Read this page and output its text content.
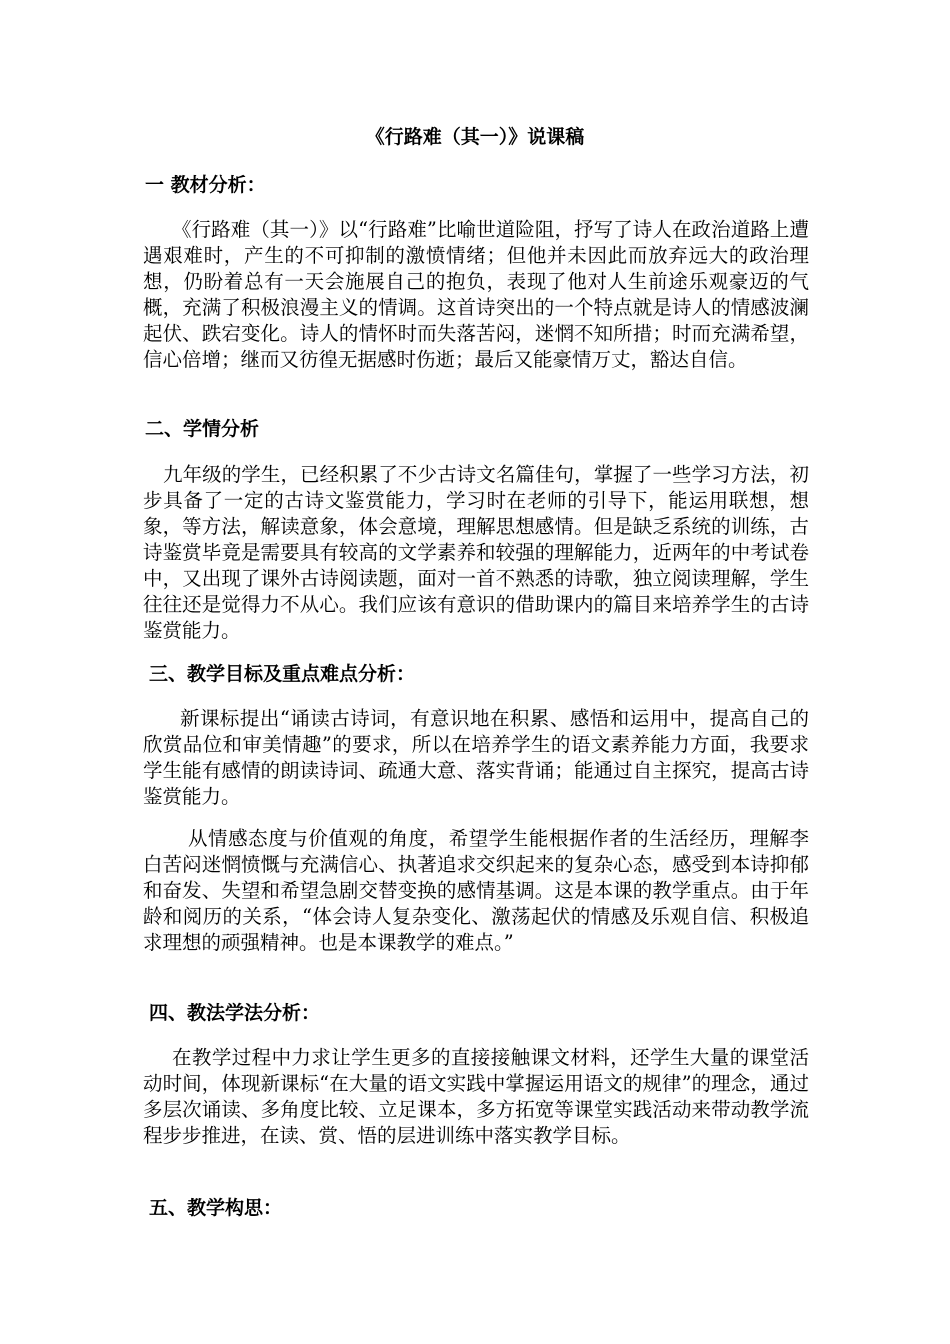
《行路难（其一）》说课稿
一 教材分析：

《行路难（其一）》以“行路难”比喻世道险阻，抒写了诗人在政治道路上遭遇艰难时，产生的不可抑制的激愤情绪；但他并未因此而放弃远大的政治理想，仍盼着总有一天会施展自己的抱负，表现了他对人生前途乐观豪迈的气概，充满了积极浪漫主义的情调。这首诗突出的一个特点就是诗人的情感波澜起伏、跌宕变化。诗人的情怀时而失落苦闷，迷惘不知所措；时而充满希望，信心倍增；继而又彷徨无据感时伤逝；最后又能豪情万丈，豁达自信。

二、学情分析

九年级的学生，已经积累了不少古诗文名篇佳句，掌握了一些学习方法，初步具备了一定的古诗文鉴赏能力，学习时在老师的引导下，能运用联想，想象，等方法，解读意象，体会意境，理解思想感情。但是缺乏系统的训练，古诗鉴赏毕竟是需要具有较高的文学素养和较强的理解能力，近两年的中考试卷中，又出现了课外古诗阅读题，面对一首不熟悉的诗歌，独立阅读理解，学生往往还是觉得力不从心。我们应该有意识的借助课内的篇目来培养学生的古诗鉴赏能力。

三、教学目标及重点难点分析：

新课标提出“诵读古诗词，有意识地在积累、感悟和运用中，提高自己的欣赏品位和审美情趣”的要求，所以在培养学生的语文素养能力方面，我要求学生能有感情的朗读诗词、疏通大意、落实背诵；能通过自主探究，提高古诗鉴赏能力。

从情感态度与价值观的角度，希望学生能根据作者的生活经历，理解李白苦闷迷惘愤慨与充满信心、执著追求交织起来的复杂心态，感受到本诗抑郁和奋发、失望和希望急剧交替变换的感情基调。这是本课的教学重点。由于年龄和阅历的关系，“体会诗人复杂变化、激荡起伏的情感及乐观自信、积极追求理想的顽强精神。也是本课教学的难点。”

四、教法学法分析：

在教学过程中力求让学生更多的直接接触课文材料，还学生大量的课堂活动时间，体现新课标“在大量的语文实践中掌握运用语文的规律”的理念，通过多层次诵读、多角度比较、立足课本，多方拓宽等课堂实践活动来带动教学流程步步推进，在读、赏、悟的层进训练中落实教学目标。

五、教学构思：
